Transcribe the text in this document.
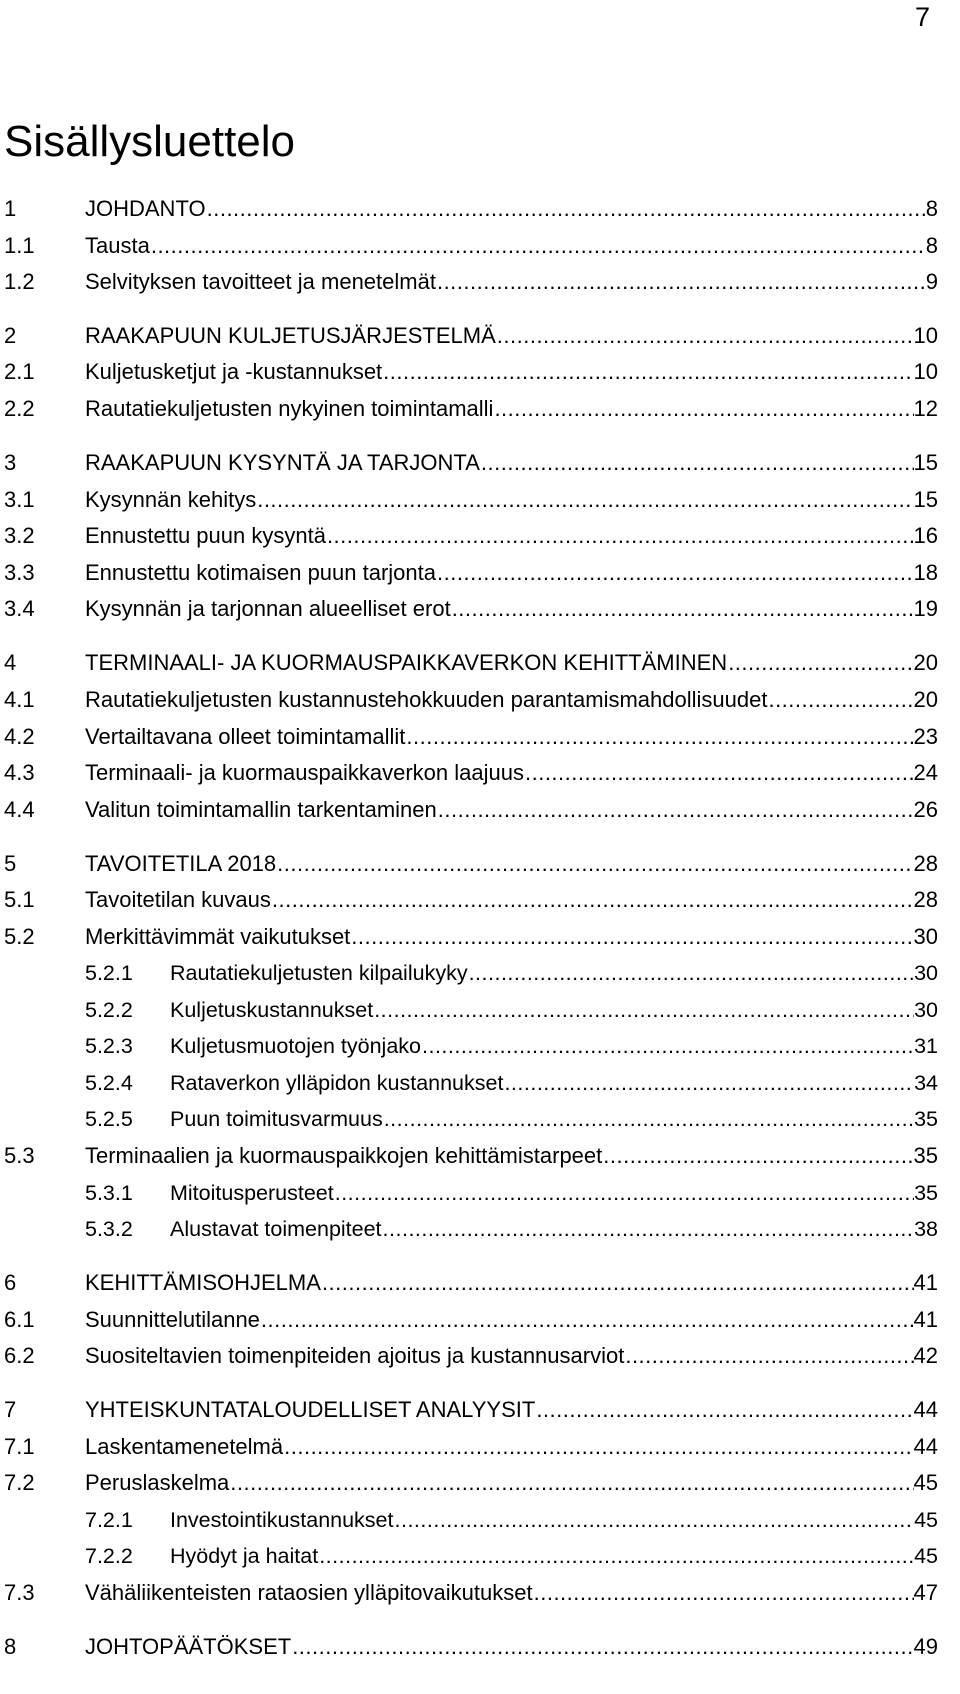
7
Sisällysluettelo
1	JOHDANTO .....	8
1.1 Tausta .....	8
1.2 Selvityksen tavoitteet ja menetelmät .....	9
2	RAAKAPUUN KULJETUSJÄRJESTELMÄ .....	10
2.1 Kuljetusketjut ja -kustannukset .....	10
2.2 Rautatiekuljetusten nykyinen toimintamalli .....	12
3	RAAKAPUUN KYSYNTÄ JA TARJONTA .....	15
3.1 Kysynnän kehitys .....	15
3.2 Ennustettu puun kysyntä .....	16
3.3 Ennustettu kotimaisen puun tarjonta .....	18
3.4 Kysynnän ja tarjonnan alueelliset erot .....	19
4	TERMINAALI- JA KUORMAUSPAIKKAVERKON KEHITTÄMINEN .....	20
4.1 Rautatiekuljetusten kustannustehokkuuden parantamismahdollisuudet .....	20
4.2 Vertailtavana olleet toimintamallit .....	23
4.3 Terminaali- ja kuormauspaikkaverkon laajuus .....	24
4.4 Valitun toimintamallin tarkentaminen .....	26
5	TAVOITETILA 2018 .....	28
5.1 Tavoitetilan kuvaus .....	28
5.2 Merkittävimmät vaikutukset .....	30
5.2.1 Rautatiekuljetusten kilpailukyky .....	30
5.2.2 Kuljetuskustannukset .....	30
5.2.3 Kuljetusmuotojen työnjako .....	31
5.2.4 Rataverkon ylläpidon kustannukset .....	34
5.2.5 Puun toimitusvarmuus .....	35
5.3 Terminaalien ja kuormauspaikkojen kehittämistarpeet .....	35
5.3.1 Mitoitusperusteet .....	35
5.3.2 Alustavat toimenpiteet .....	38
6	KEHITTÄMISOHJELMA .....	41
6.1 Suunnittelutilanne .....	41
6.2 Suositeltavien toimenpiteiden ajoitus ja kustannusarviot .....	42
7	YHTEISKUNTATALOUDELLISET ANALYYSIT .....	44
7.1 Laskentamenetelmä .....	44
7.2 Peruslaskelma .....	45
7.2.1 Investointikustannukset .....	45
7.2.2 Hyödyt ja haitat .....	45
7.3 Vähäliikenteisten rataosien ylläpitovaikutukset .....	47
8	JOHTOPÄÄTÖKSET .....	49
